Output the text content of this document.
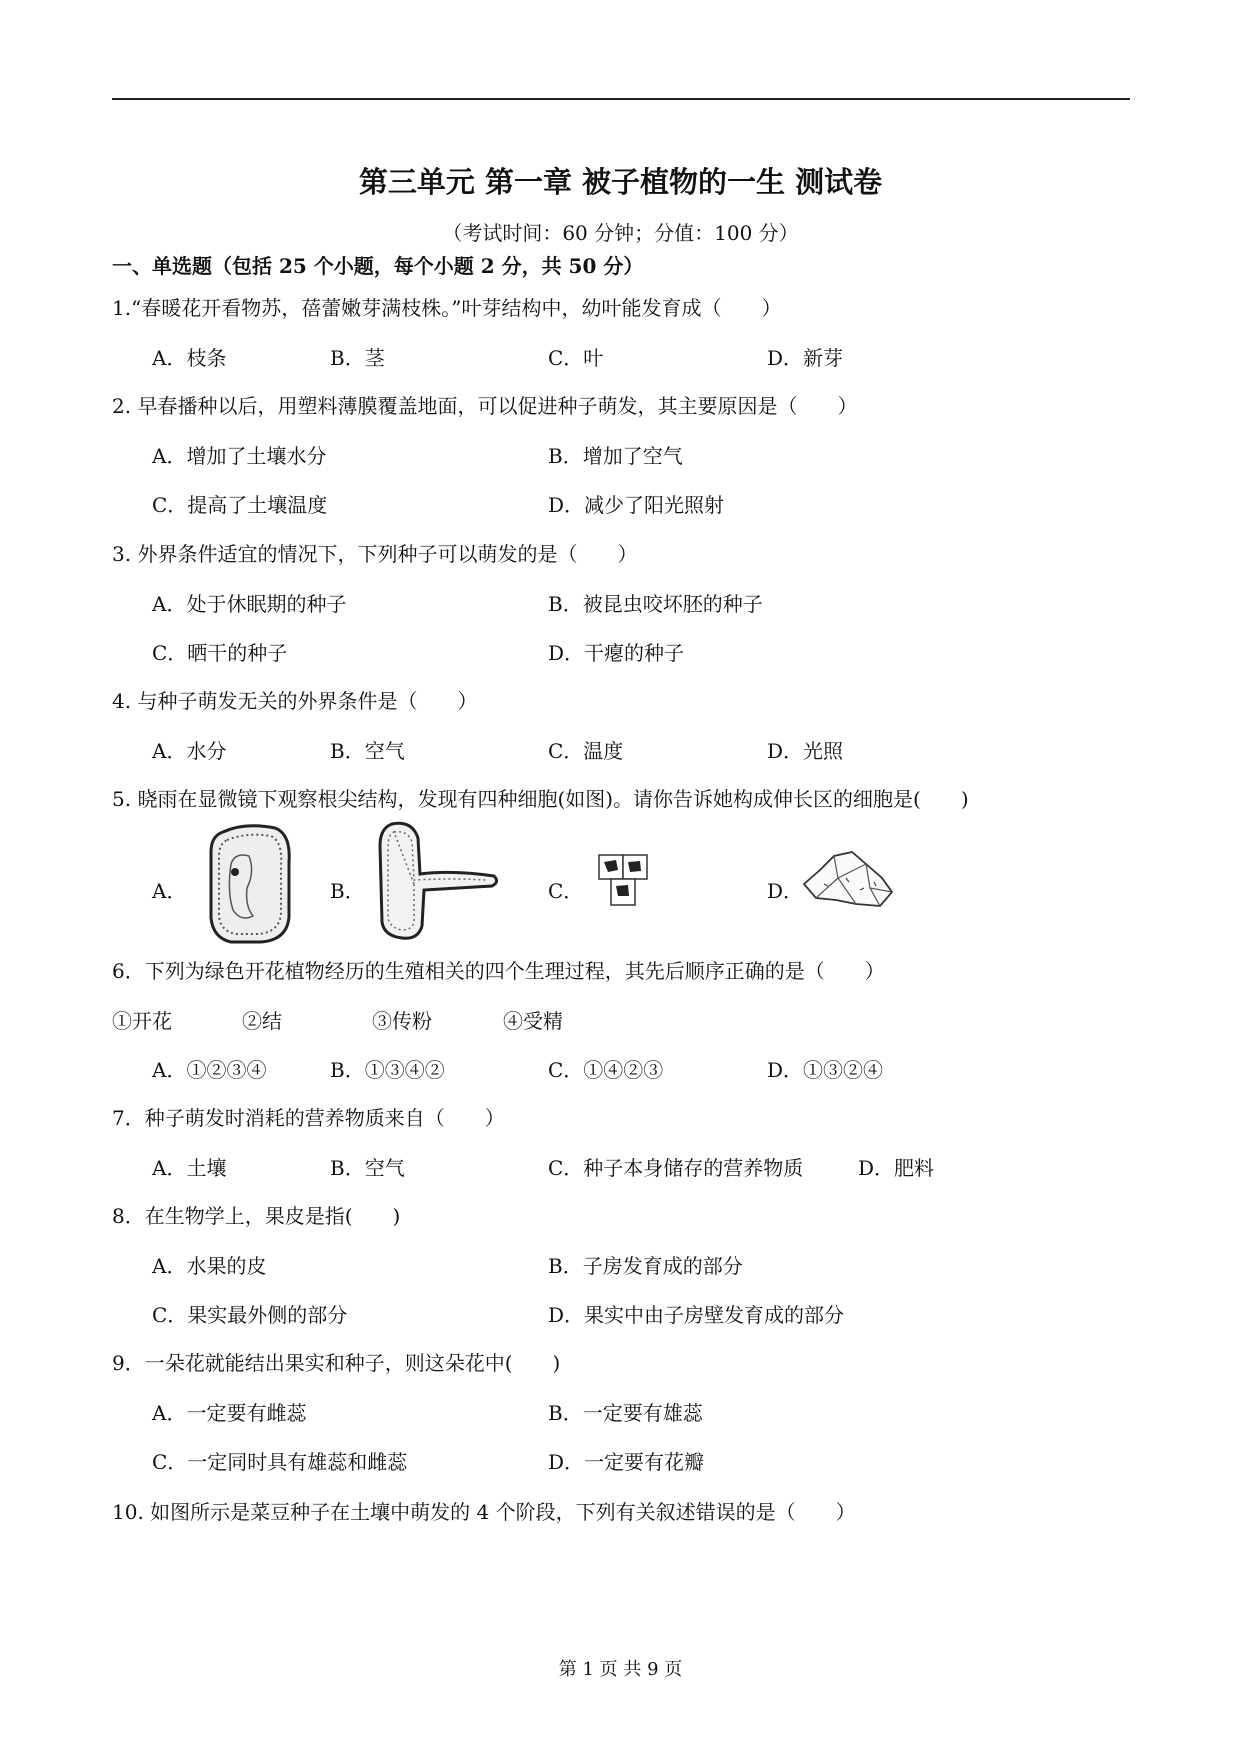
第三单元 第一章 被子植物的一生 测试卷
（考试时间：60 分钟；分值：100 分）
一、单选题（包括 25 个小题，每个小题 2 分，共 50 分）
1.“春暖花开看物苏，蓓蕾嫩芽满枝株。”叶芽结构中，幼叶能发育成（　　）
A．枝条	B．茎	C．叶	D．新芽
2. 早春播种以后，用塑料薄膜覆盖地面，可以促进种子萌发，其主要原因是（　　）
A．增加了土壤水分	B．增加了空气
C．提高了土壤温度	D．减少了阳光照射
3. 外界条件适宜的情况下，下列种子可以萌发的是（　　）
A．处于休眠期的种子	B．被昆虫咬坏胚的种子
C．晒干的种子	D．干瘪的种子
4. 与种子萌发无关的外界条件是（　　）
A．水分	B．空气	C．温度	D．光照
5. 晓雨在显微镜下观察根尖结构，发现有四种细胞(如图)。请你告诉她构成伸长区的细胞是(　　)
A．	B．	C．	D．
6．下列为绿色开花植物经历的生殖相关的四个生理过程，其先后顺序正确的是（　　）
①开花	②结	③传粉	④受精
A．①②③④	B．①③④②	C．①④②③	D．①③②④
7．种子萌发时消耗的营养物质来自（　　）
A．土壤	B．空气	C．种子本身储存的营养物质	D．肥料
8．在生物学上，果皮是指(　　)
A．水果的皮	B．子房发育成的部分
C．果实最外侧的部分	D．果实中由子房壁发育成的部分
9．一朵花就能结出果实和种子，则这朵花中(　　)
A．一定要有雌蕊	B．一定要有雄蕊
C．一定同时具有雄蕊和雌蕊	D．一定要有花瓣
10. 如图所示是菜豆种子在土壤中萌发的 4 个阶段，下列有关叙述错误的是（　　）
第 1 页 共 9 页
